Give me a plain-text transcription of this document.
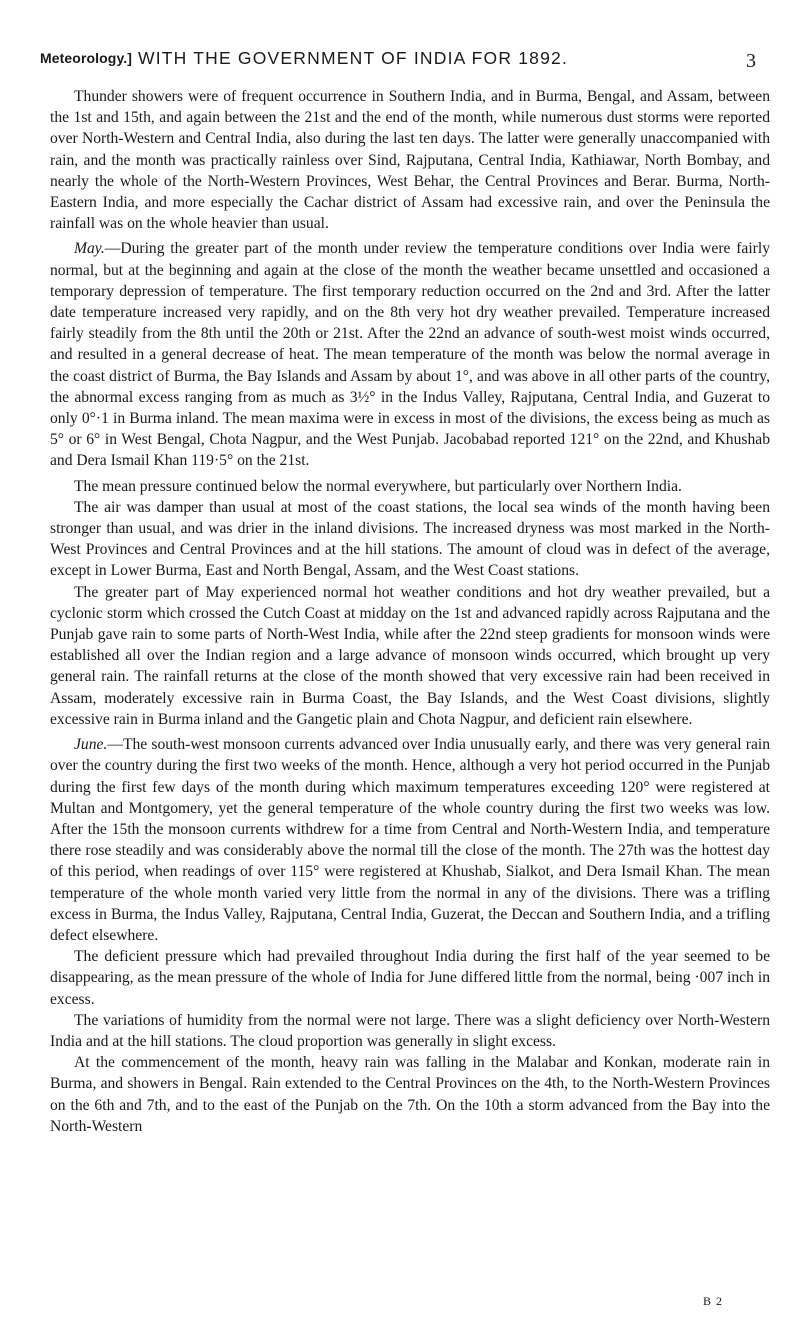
Meteorology.] WITH THE GOVERNMENT OF INDIA FOR 1892.	3

Thunder showers were of frequent occurrence in Southern India, and in Burma, Bengal, and Assam, between the 1st and 15th, and again between the 21st and the end of the month, while numerous dust storms were reported over North-Western and Central India, also during the last ten days. The latter were generally unaccompanied with rain, and the month was practically rainless over Sind, Rajputana, Central India, Kathiawar, North Bombay, and nearly the whole of the North-Western Provinces, West Behar, the Central Provinces and Berar. Burma, North-Eastern India, and more especially the Cachar district of Assam had excessive rain, and over the Peninsula the rainfall was on the whole heavier than usual.

May.—During the greater part of the month under review the temperature conditions over India were fairly normal, but at the beginning and again at the close of the month the weather became unsettled and occasioned a temporary depression of temperature. The first temporary reduction occurred on the 2nd and 3rd. After the latter date temperature increased very rapidly, and on the 8th very hot dry weather prevailed. Temperature increased fairly steadily from the 8th until the 20th or 21st. After the 22nd an advance of south-west moist winds occurred, and resulted in a general decrease of heat. The mean temperature of the month was below the normal average in the coast district of Burma, the Bay Islands and Assam by about 1°, and was above in all other parts of the country, the abnormal excess ranging from as much as 3½° in the Indus Valley, Rajputana, Central India, and Guzerat to only 0°·1 in Burma inland. The mean maxima were in excess in most of the divisions, the excess being as much as 5° or 6° in West Bengal, Chota Nagpur, and the West Punjab. Jacobabad reported 121° on the 22nd, and Khushab and Dera Ismail Khan 119·5° on the 21st.

The mean pressure continued below the normal everywhere, but particularly over Northern India.

The air was damper than usual at most of the coast stations, the local sea winds of the month having been stronger than usual, and was drier in the inland divisions. The increased dryness was most marked in the North-West Provinces and Central Provinces and at the hill stations. The amount of cloud was in defect of the average, except in Lower Burma, East and North Bengal, Assam, and the West Coast stations.

The greater part of May experienced normal hot weather conditions and hot dry weather prevailed, but a cyclonic storm which crossed the Cutch Coast at midday on the 1st and advanced rapidly across Rajputana and the Punjab gave rain to some parts of North-West India, while after the 22nd steep gradients for monsoon winds were established all over the Indian region and a large advance of monsoon winds occurred, which brought up very general rain. The rainfall returns at the close of the month showed that very excessive rain had been received in Assam, moderately excessive rain in Burma Coast, the Bay Islands, and the West Coast divisions, slightly excessive rain in Burma inland and the Gangetic plain and Chota Nagpur, and deficient rain elsewhere.

June.—The south-west monsoon currents advanced over India unusually early, and there was very general rain over the country during the first two weeks of the month. Hence, although a very hot period occurred in the Punjab during the first few days of the month during which maximum temperatures exceeding 120° were registered at Multan and Montgomery, yet the general temperature of the whole country during the first two weeks was low. After the 15th the monsoon currents withdrew for a time from Central and North-Western India, and temperature there rose steadily and was considerably above the normal till the close of the month. The 27th was the hottest day of this period, when readings of over 115° were registered at Khushab, Sialkot, and Dera Ismail Khan. The mean temperature of the whole month varied very little from the normal in any of the divisions. There was a trifling excess in Burma, the Indus Valley, Rajputana, Central India, Guzerat, the Deccan and Southern India, and a trifling defect elsewhere.

The deficient pressure which had prevailed throughout India during the first half of the year seemed to be disappearing, as the mean pressure of the whole of India for June differed little from the normal, being ·007 inch in excess.

The variations of humidity from the normal were not large. There was a slight deficiency over North-Western India and at the hill stations. The cloud proportion was generally in slight excess.

At the commencement of the month, heavy rain was falling in the Malabar and Konkan, moderate rain in Burma, and showers in Bengal. Rain extended to the Central Provinces on the 4th, to the North-Western Provinces on the 6th and 7th, and to the east of the Punjab on the 7th. On the 10th a storm advanced from the Bay into the North-Western

B 2
